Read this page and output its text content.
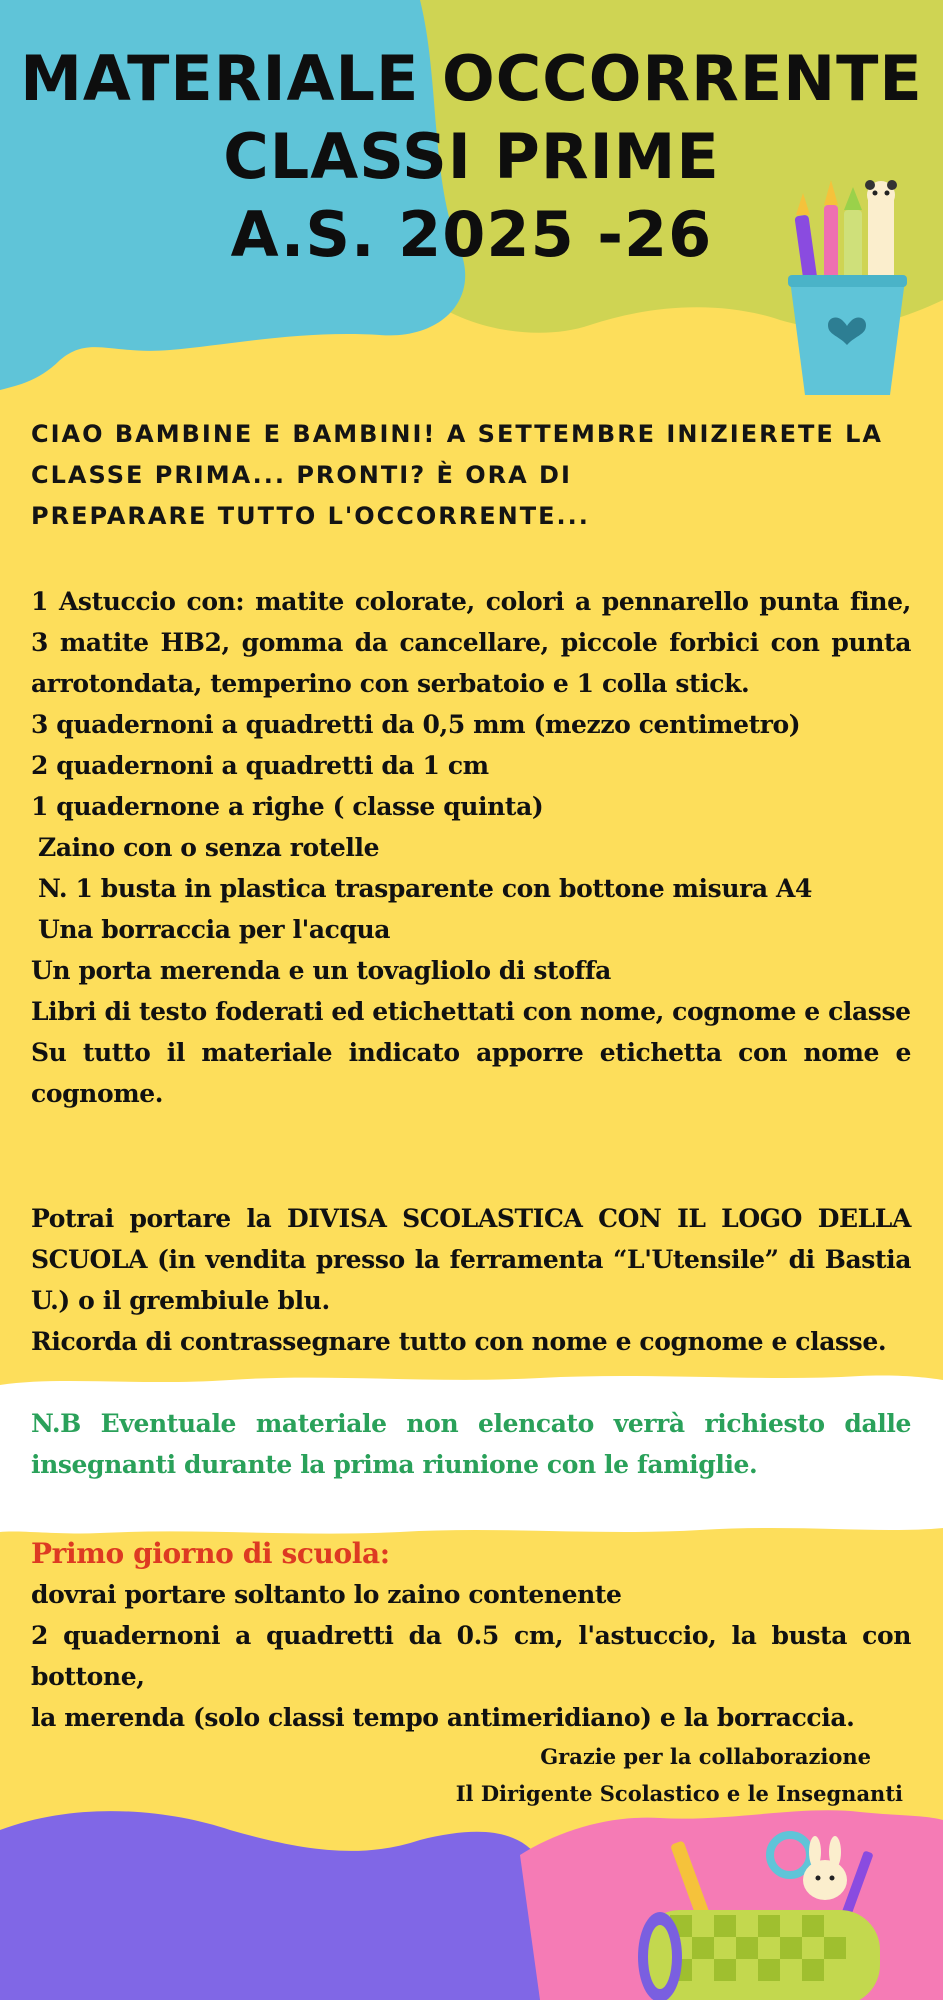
MATERIALE OCCORRENTE
CLASSI PRIME
A.S. 2025 -26
CIAO BAMBINE E BAMBINI! A SETTEMBRE INIZIERETE LA CLASSE PRIMA... PRONTI? È ORA DI
PREPARARE TUTTO L'OCCORRENTE...
1 Astuccio con: matite colorate, colori a pennarello punta fine, 3 matite HB2, gomma da cancellare, piccole forbici con punta arrotondata, temperino con serbatoio e 1 colla stick.
3 quadernoni a quadretti da 0,5 mm (mezzo centimetro)
2 quadernoni a quadretti da 1 cm
1 quadernone a righe ( classe quinta)
Zaino con o senza rotelle
N. 1 busta in plastica trasparente con bottone misura A4
Una borraccia per l'acqua
Un porta merenda e un tovagliolo di stoffa
Libri di testo foderati ed etichettati con nome, cognome e classe
Su tutto il materiale indicato apporre etichetta con nome e cognome.
Potrai portare la DIVISA SCOLASTICA CON IL LOGO DELLA SCUOLA (in vendita presso la ferramenta “L'Utensile” di Bastia U.) o il grembiule blu.
Ricorda di contrassegnare tutto con nome e cognome e classe.
N.B Eventuale materiale non elencato verrà richiesto dalle insegnanti durante la prima riunione con le famiglie.
Primo giorno di scuola:
dovrai portare soltanto lo zaino contenente
2 quadernoni a quadretti da 0.5 cm, l'astuccio, la busta con bottone,
la merenda (solo classi tempo antimeridiano) e la borraccia.
Grazie per la collaborazione
Il Dirigente Scolastico e le Insegnanti
